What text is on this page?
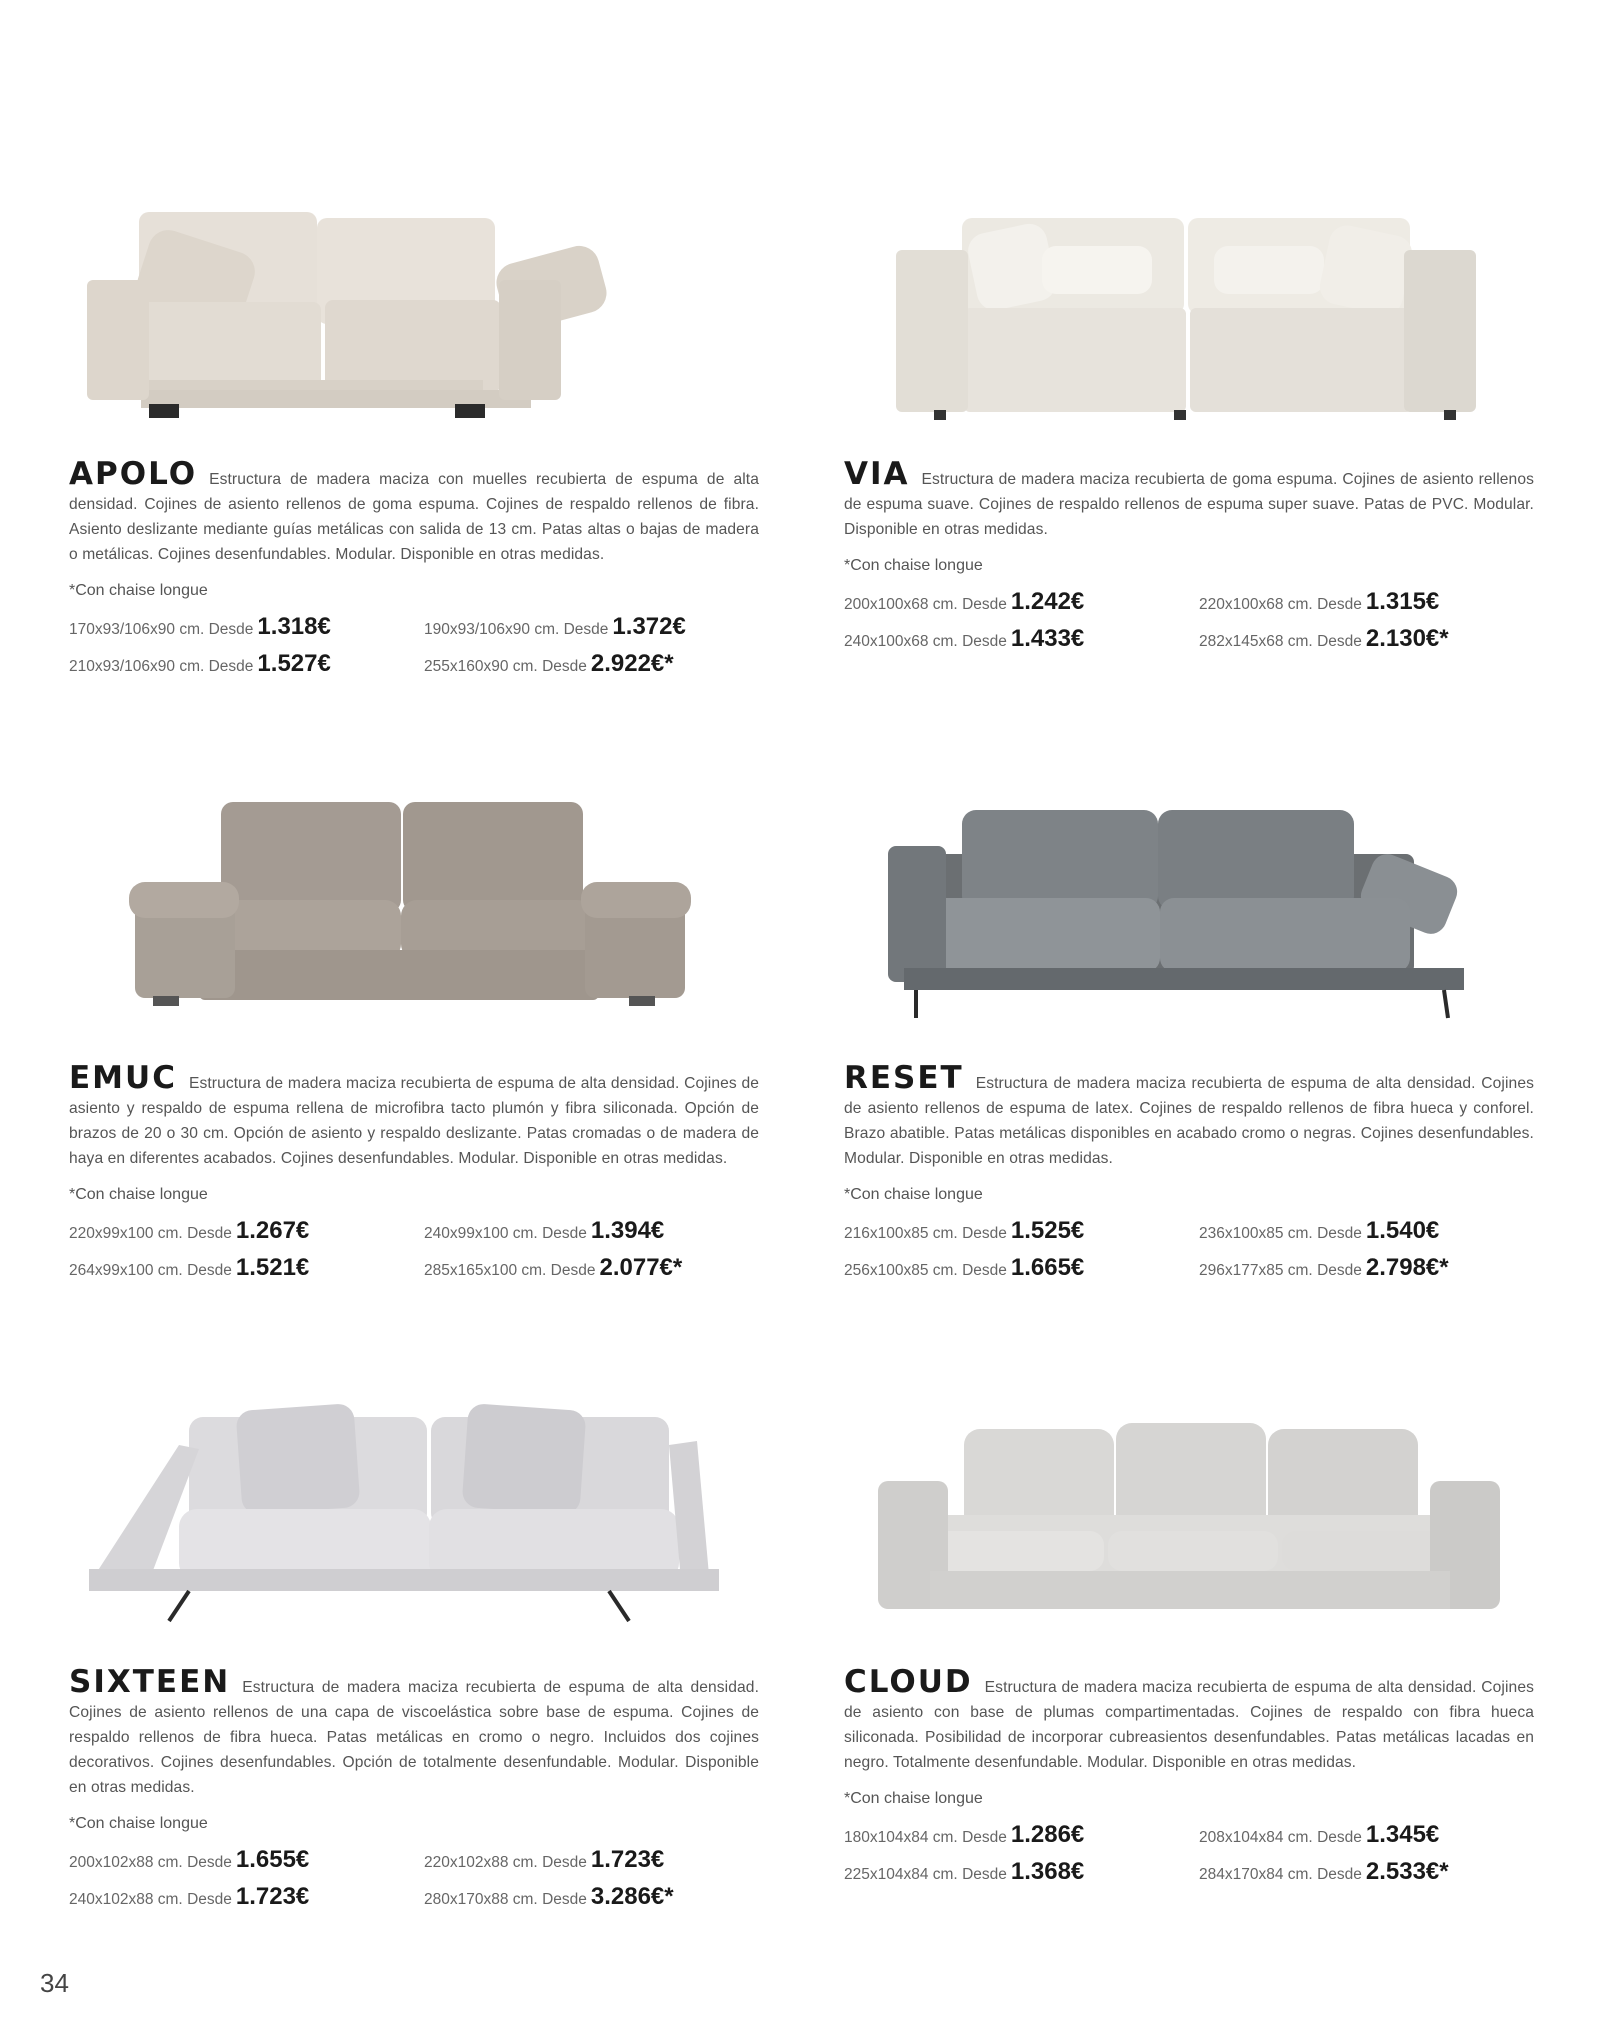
APOLO Estructura de madera maciza con muelles recubierta de espuma de alta densidad. Cojines de asiento rellenos de goma espuma. Cojines de respaldo rellenos de fibra. Asiento deslizante mediante guías metálicas con salida de 13 cm. Patas altas o bajas de madera o metálicas. Cojines desenfundables. Modular. Disponible en otras medidas.

*Con chaise longue
170x93/106x90 cm. Desde 1.318€	190x93/106x90 cm. Desde 1.372€
210x93/106x90 cm. Desde 1.527€	255x160x90 cm. Desde 2.922€*

VIA Estructura de madera maciza recubierta de goma espuma. Cojines de asiento rellenos de espuma suave. Cojines de respaldo rellenos de espuma super suave. Patas de PVC. Modular. Disponible en otras medidas.

*Con chaise longue
200x100x68 cm. Desde 1.242€	220x100x68 cm. Desde 1.315€
240x100x68 cm. Desde 1.433€	282x145x68 cm. Desde 2.130€*

EMUC Estructura de madera maciza recubierta de espuma de alta densidad. Cojines de asiento y respaldo de espuma rellena de microfibra tacto plumón y fibra siliconada. Opción de brazos de 20 o 30 cm. Opción de asiento y respaldo deslizante. Patas cromadas o de madera de haya en diferentes acabados. Cojines desenfundables. Modular. Disponible en otras medidas.

*Con chaise longue
220x99x100 cm. Desde 1.267€	240x99x100 cm. Desde 1.394€
264x99x100 cm. Desde 1.521€	285x165x100 cm. Desde 2.077€*

RESET Estructura de madera maciza recubierta de espuma de alta densidad. Cojines de asiento rellenos de espuma de latex. Cojines de respaldo rellenos de fibra hueca y conforel. Brazo abatible. Patas metálicas disponibles en acabado cromo o negras. Cojines desenfundables. Modular. Disponible en otras medidas.

*Con chaise longue
216x100x85 cm. Desde 1.525€	236x100x85 cm. Desde 1.540€
256x100x85 cm. Desde 1.665€	296x177x85 cm. Desde 2.798€*

SIXTEEN Estructura de madera maciza recubierta de espuma de alta densidad. Cojines de asiento rellenos de una capa de viscoelástica sobre base de espuma. Cojines de respaldo rellenos de fibra hueca. Patas metálicas en cromo o negro. Incluidos dos cojines decorativos. Cojines desenfundables. Opción de totalmente desenfundable. Modular. Disponible en otras medidas.

*Con chaise longue
200x102x88 cm. Desde 1.655€	220x102x88 cm. Desde 1.723€
240x102x88 cm. Desde 1.723€	280x170x88 cm. Desde 3.286€*

CLOUD Estructura de madera maciza recubierta de espuma de alta densidad. Cojines de asiento con base de plumas compartimentadas. Cojines de respaldo con fibra hueca siliconada. Posibilidad de incorporar cubreasientos desenfundables. Patas metálicas lacadas en negro. Totalmente desenfundable. Modular. Disponible en otras medidas.

*Con chaise longue
180x104x84 cm. Desde 1.286€	208x104x84 cm. Desde 1.345€
225x104x84 cm. Desde 1.368€	284x170x84 cm. Desde 2.533€*
34
